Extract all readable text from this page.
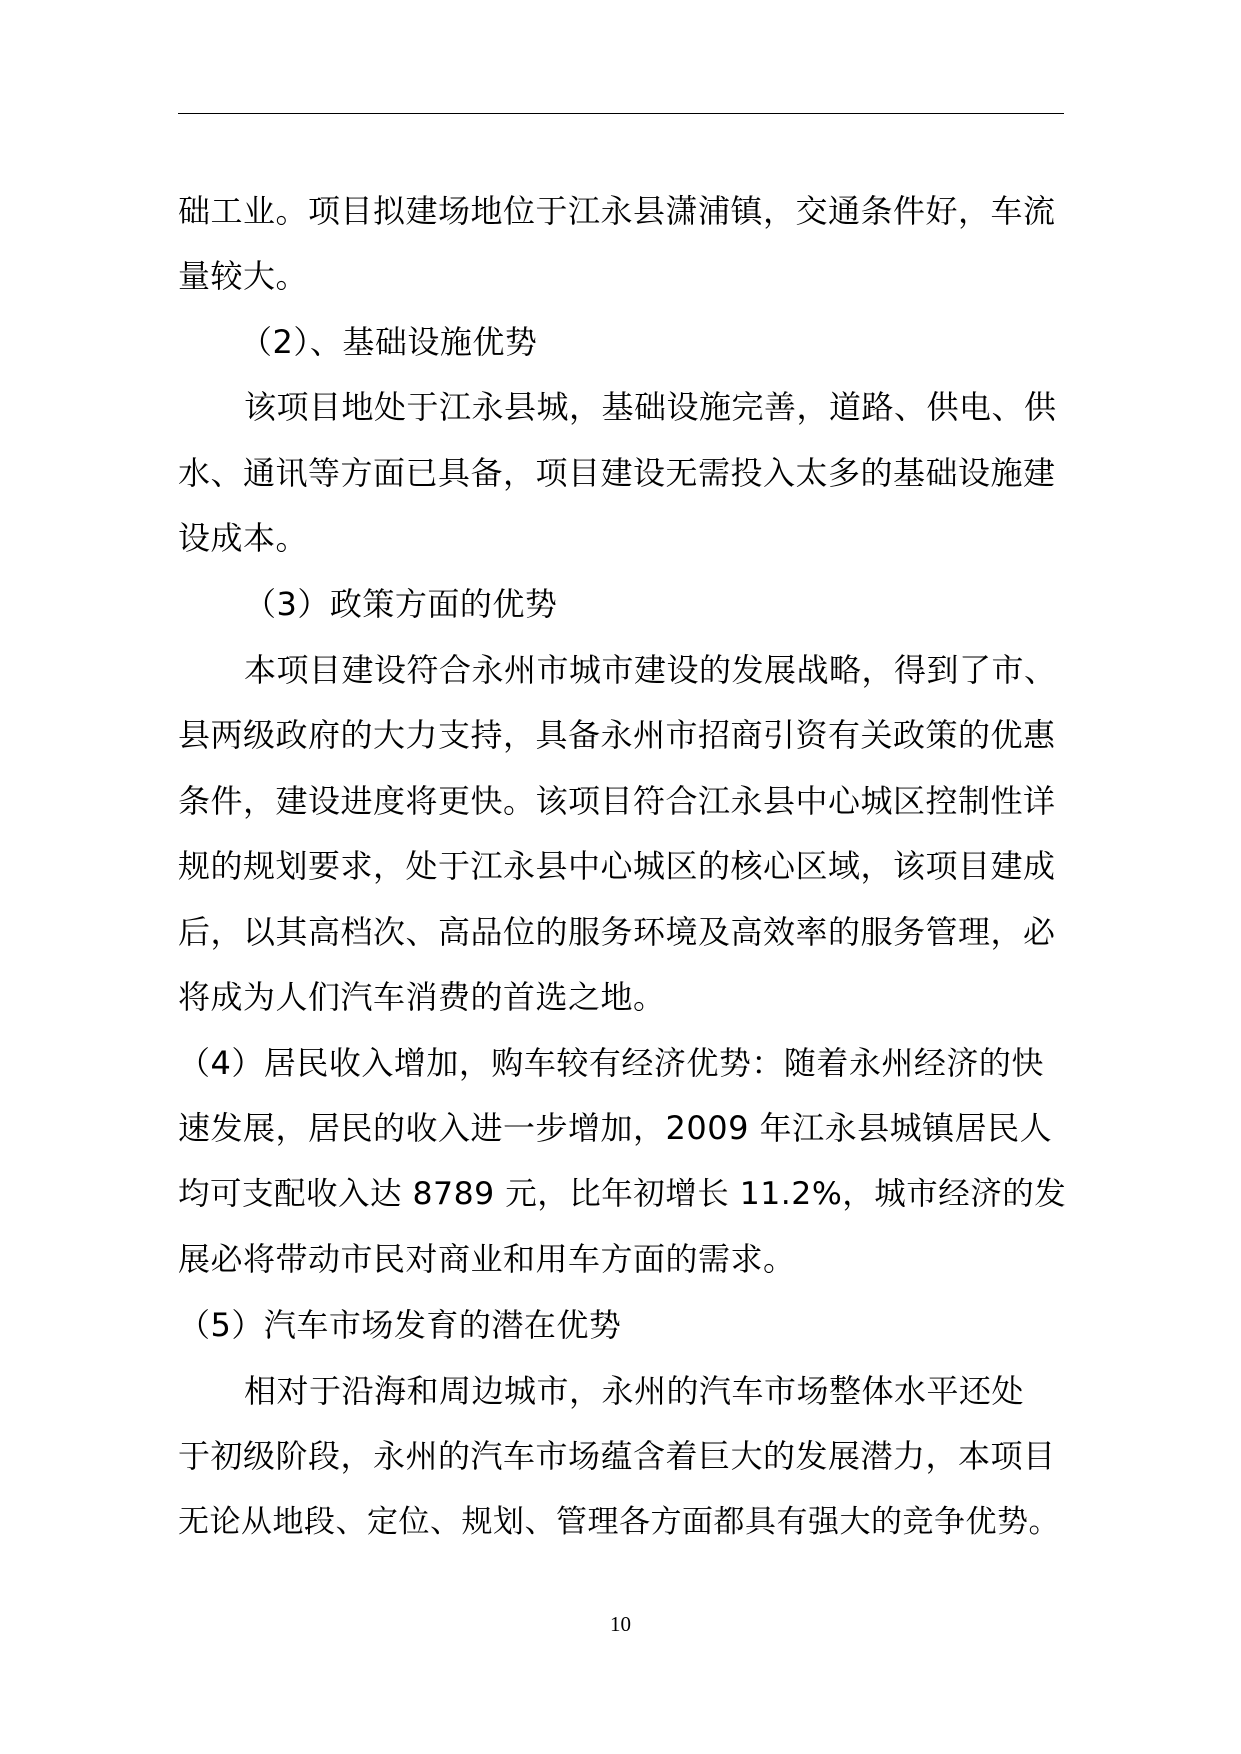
础工业。项目拟建场地位于江永县潇浦镇，交通条件好，车流

量较大。

（2）、基础设施优势

该项目地处于江永县城，基础设施完善，道路、供电、供

水、通讯等方面已具备，项目建设无需投入太多的基础设施建

设成本。

（3）政策方面的优势

本项目建设符合永州市城市建设的发展战略，得到了市、

县两级政府的大力支持，具备永州市招商引资有关政策的优惠

条件，建设进度将更快。该项目符合江永县中心城区控制性详

规的规划要求，处于江永县中心城区的核心区域，该项目建成

后，以其高档次、高品位的服务环境及高效率的服务管理，必

将成为人们汽车消费的首选之地。

（4）居民收入增加，购车较有经济优势：随着永州经济的快

速发展，居民的收入进一步增加，2009 年江永县城镇居民人

均可支配收入达 8789 元，比年初增长 11.2%，城市经济的发

展必将带动市民对商业和用车方面的需求。

（5）汽车市场发育的潜在优势

相对于沿海和周边城市，永州的汽车市场整体水平还处

于初级阶段，永州的汽车市场蕴含着巨大的发展潜力，本项目

无论从地段、定位、规划、管理各方面都具有强大的竞争优势。

10
